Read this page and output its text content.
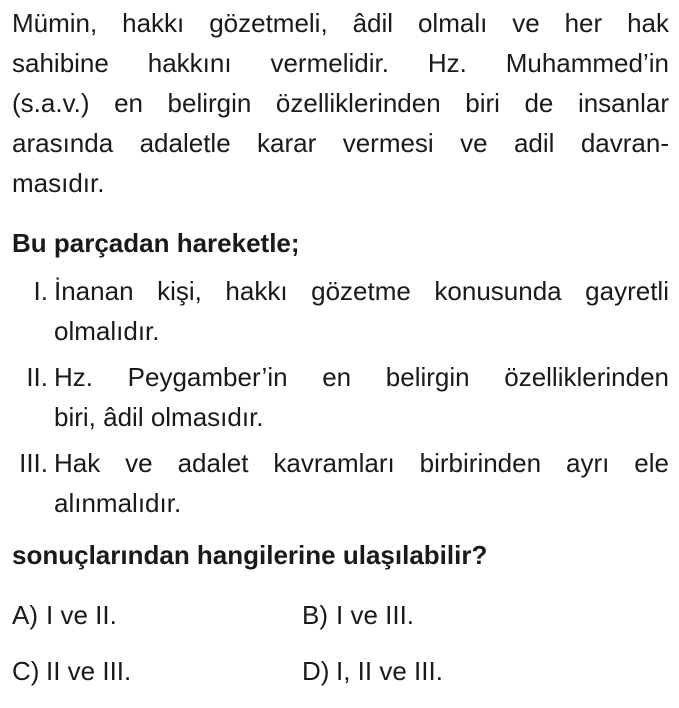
Mümin, hakkı gözetmeli, âdil olmalı ve her hak
sahibine hakkını vermelidir. Hz. Muhammed’in
(s.a.v.) en belirgin özelliklerinden biri de insanlar
arasında adaletle karar vermesi ve adil davran-
masıdır.
Bu parçadan hareketle;
I. İnanan kişi, hakkı gözetme konusunda gayretli
olmalıdır.
II. Hz. Peygamber’in en belirgin özelliklerinden
biri, âdil olmasıdır.
III. Hak ve adalet kavramları birbirinden ayrı ele
alınmalıdır.
sonuçlarından hangilerine ulaşılabilir?
A) I ve II.	B) I ve III.
C) II ve III.	D) I, II ve III.
